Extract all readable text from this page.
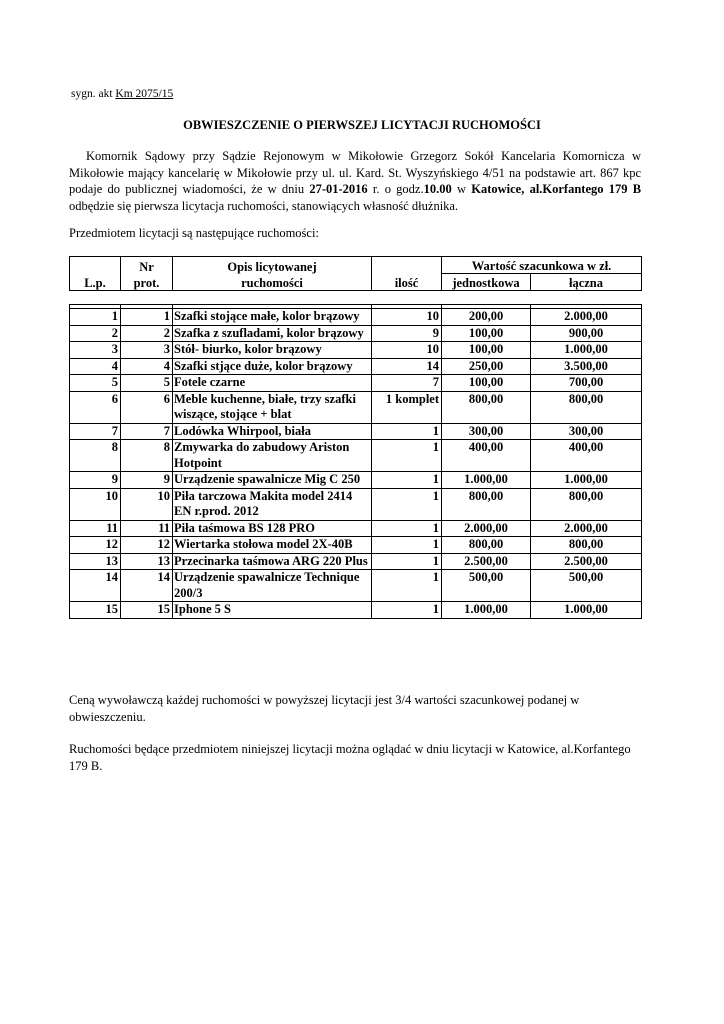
sygn. akt Km 2075/15
OBWIESZCZENIE O PIERWSZEJ LICYTACJI RUCHOMOŚCI

Komornik Sądowy przy Sądzie Rejonowym w Mikołowie Grzegorz Sokół Kancelaria Komornicza w Mikołowie mający kancelarię w Mikołowie przy ul. ul. Kard. St. Wyszyńskiego 4/51 na podstawie art. 867 kpc podaje do publicznej wiadomości, że w dniu 27-01-2016 r. o godz.10.00 w Katowice, al.Korfantego 179 B odbędzie się pierwsza licytacja ruchomości, stanowiących własność dłużnika.

Przedmiotem licytacji są następujące ruchomości:

	Nr	Opis licytowanej		Wartość szacunkowa w zł.	
L.p.	prot.	ruchomości	ilość	jednostkowa	łączna

1	1	Szafki stojące małe, kolor brązowy	10	200,00	2.000,00
2	2	Szafka z szufladami, kolor brązowy	9	100,00	900,00
3	3	Stół- biurko, kolor brązowy	10	100,00	1.000,00
4	4	Szafki stjące duże, kolor brązowy	14	250,00	3.500,00
5	5	Fotele czarne	7	100,00	700,00
6	6	Meble kuchenne, białe, trzy szafki wiszące, stojące + blat	1 komplet	800,00	800,00
7	7	Lodówka Whirpool, biała	1	300,00	300,00
8	8	Zmywarka do zabudowy Ariston Hotpoint	1	400,00	400,00
9	9	Urządzenie spawalnicze Mig C 250	1	1.000,00	1.000,00
10	10	Piła tarczowa Makita model 2414 EN r.prod. 2012	1	800,00	800,00
11	11	Piła taśmowa BS 128 PRO	1	2.000,00	2.000,00
12	12	Wiertarka stołowa model 2X-40B	1	800,00	800,00
13	13	Przecinarka taśmowa ARG 220 Plus	1	2.500,00	2.500,00
14	14	Urządzenie spawalnicze Technique 200/3	1	500,00	500,00
15	15	Iphone 5 S	1	1.000,00	1.000,00

Ceną wywoławczą każdej ruchomości w powyższej licytacji jest 3/4 wartości szacunkowej podanej w obwieszczeniu.

Ruchomości będące przedmiotem niniejszej licytacji można oglądać w dniu licytacji w Katowice, al.Korfantego 179 B.
